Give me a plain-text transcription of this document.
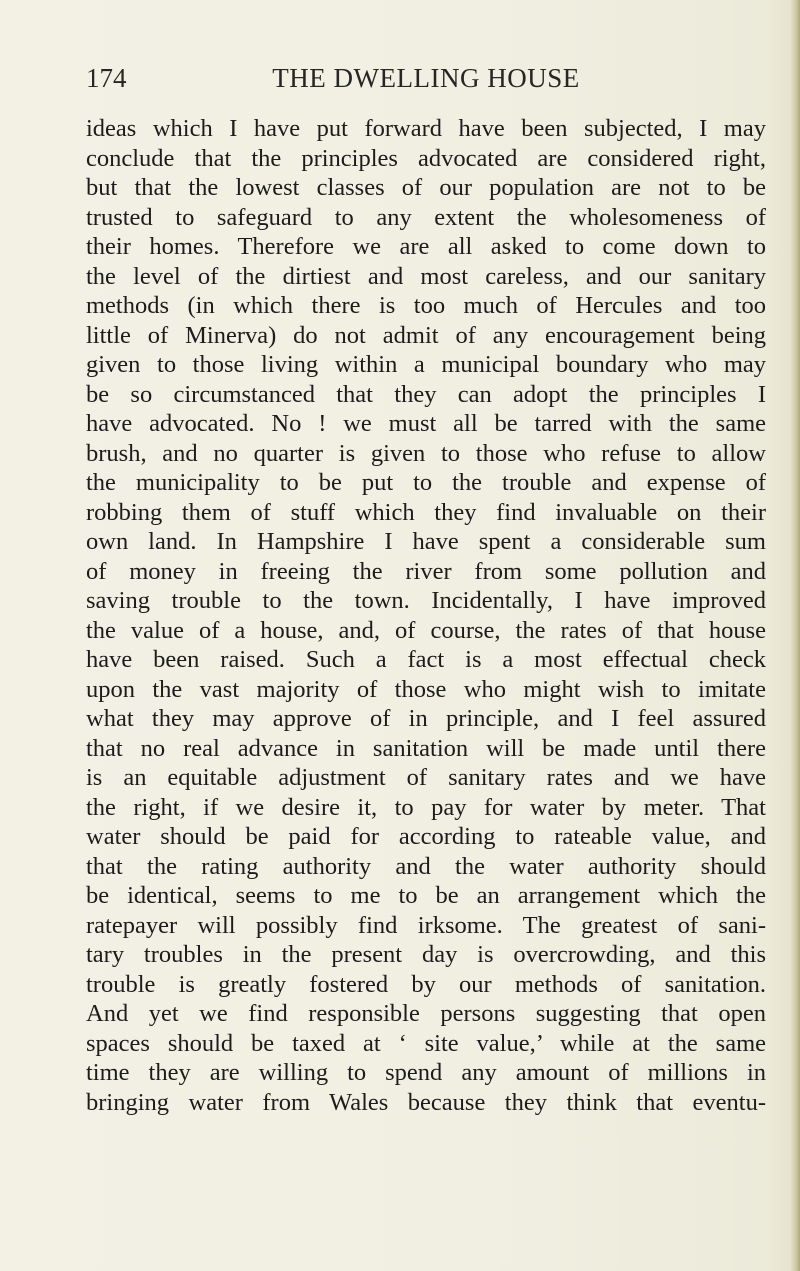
174	THE DWELLING HOUSE
ideas which I have put forward have been subjected, I may
conclude that the principles advocated are considered right,
but that the lowest classes of our population are not to be
trusted to safeguard to any extent the wholesomeness of
their homes. Therefore we are all asked to come down to
the level of the dirtiest and most careless, and our sanitary
methods (in which there is too much of Hercules and too
little of Minerva) do not admit of any encouragement being
given to those living within a municipal boundary who may
be so circumstanced that they can adopt the principles I
have advocated. No ! we must all be tarred with the same
brush, and no quarter is given to those who refuse to allow
the municipality to be put to the trouble and expense of
robbing them of stuff which they find invaluable on their
own land. In Hampshire I have spent a considerable sum
of money in freeing the river from some pollution and
saving trouble to the town. Incidentally, I have improved
the value of a house, and, of course, the rates of that house
have been raised. Such a fact is a most effectual check
upon the vast majority of those who might wish to imitate
what they may approve of in principle, and I feel assured
that no real advance in sanitation will be made until there
is an equitable adjustment of sanitary rates and we have
the right, if we desire it, to pay for water by meter. That
water should be paid for according to rateable value, and
that the rating authority and the water authority should
be identical, seems to me to be an arrangement which the
ratepayer will possibly find irksome. The greatest of sani-
tary troubles in the present day is overcrowding, and this
trouble is greatly fostered by our methods of sanitation.
And yet we find responsible persons suggesting that open
spaces should be taxed at ‘ site value,’ while at the same
time they are willing to spend any amount of millions in
bringing water from Wales because they think that eventu-
